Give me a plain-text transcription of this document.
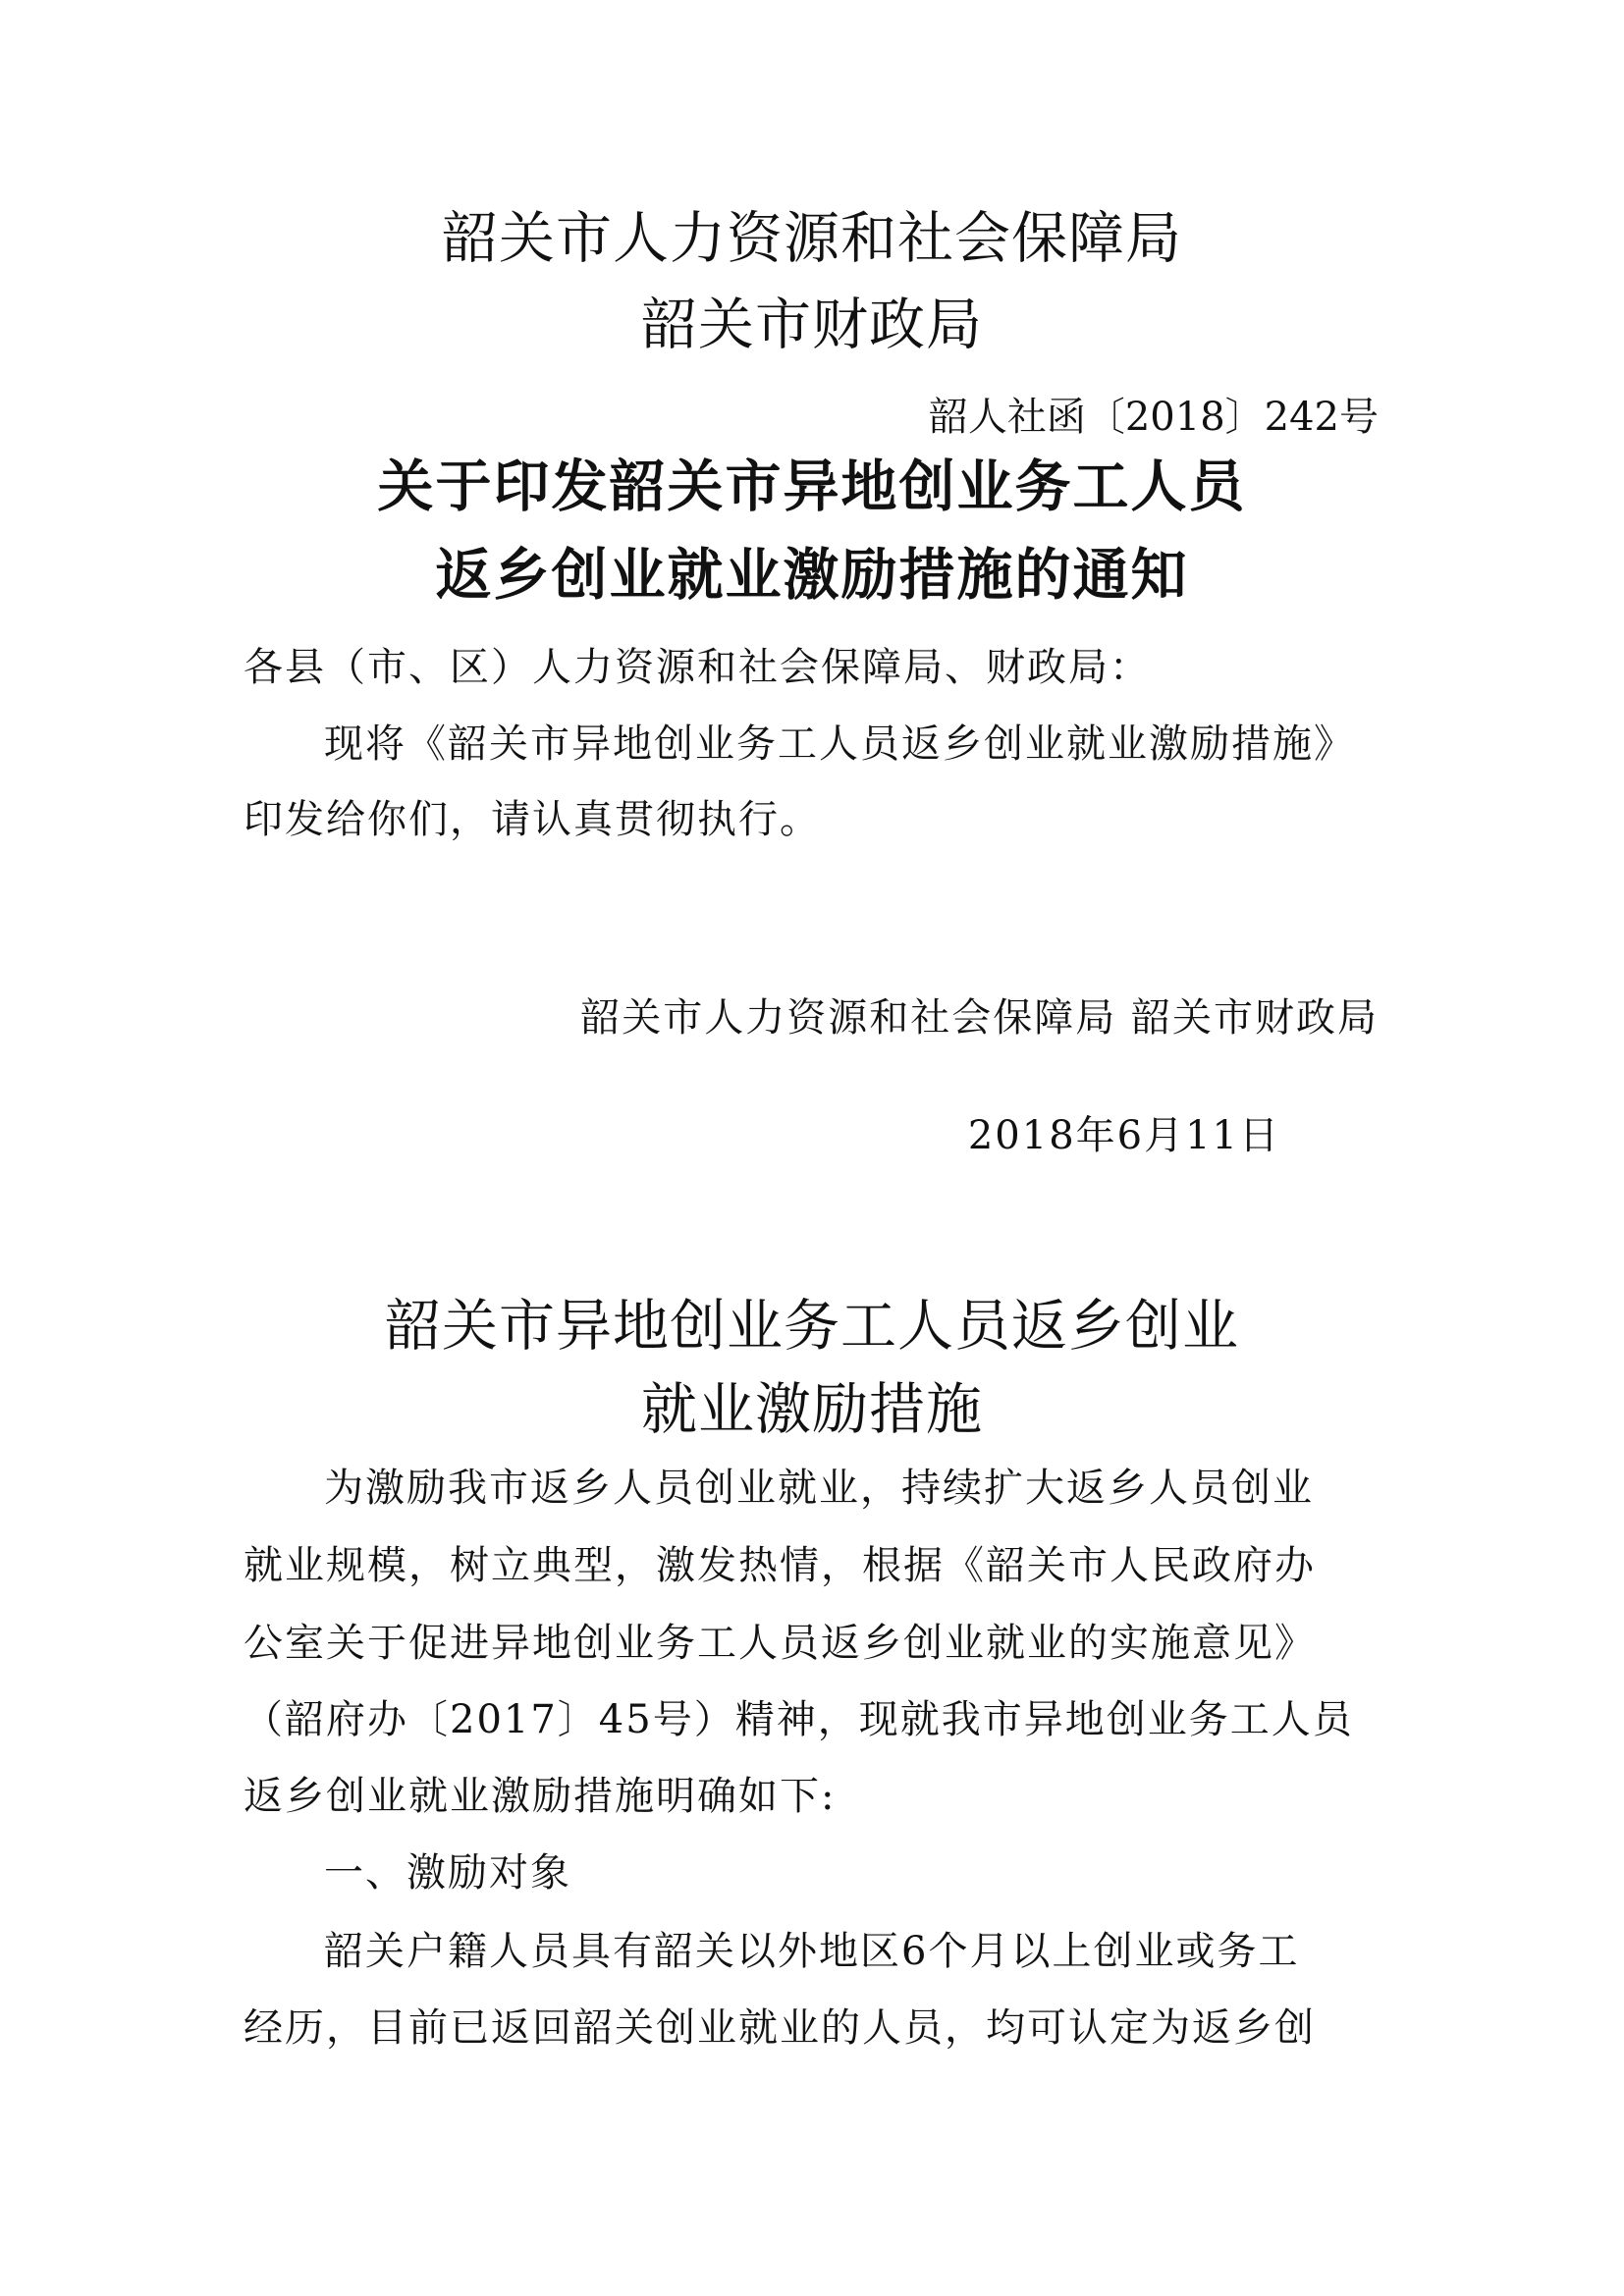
韶关市人力资源和社会保障局
韶关市财政局
韶人社函〔2018〕242号
关于印发韶关市异地创业务工人员
返乡创业就业激励措施的通知
各县（市、区）人力资源和社会保障局、财政局：
现将《韶关市异地创业务工人员返乡创业就业激励措施》
印发给你们，请认真贯彻执行。
韶关市人力资源和社会保障局 韶关市财政局
2018年6月11日
韶关市异地创业务工人员返乡创业
就业激励措施
为激励我市返乡人员创业就业，持续扩大返乡人员创业
就业规模，树立典型，激发热情，根据《韶关市人民政府办
公室关于促进异地创业务工人员返乡创业就业的实施意见》
（韶府办〔2017〕45号）精神，现就我市异地创业务工人员
返乡创业就业激励措施明确如下:
一、激励对象
韶关户籍人员具有韶关以外地区6个月以上创业或务工
经历，目前已返回韶关创业就业的人员，均可认定为返乡创
